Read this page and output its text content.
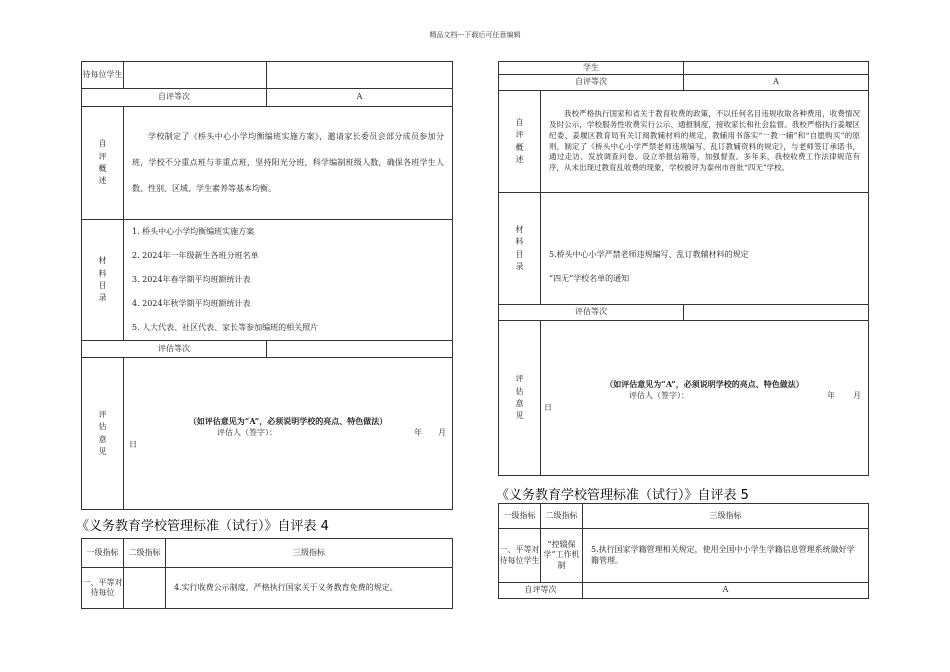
精品文档---下载后可任意编辑
待每位学生		
自评等次		A
自评概述	学校制定了《桥头中心小学均衡编班实施方案》，邀请家长委员会部分成员参加分班，学校不分重点班与非重点班，坚持阳光分班，科学编制班级人数，确保各班学生人数、性别、区域、学生素养等基本均衡。	
材料目录	1. 桥头中心小学均衡编班实施方案
2. 2024年一年级新生各班分班名单
3. 2024年春学期平均班额统计表
4. 2024年秋学期平均班额统计表
5. 人大代表、社区代表、家长等参加编班的相关照片	

评估等次		
评估意见	（如评估意见为“A”，必须说明学校的亮点、特色做法）
评估人（签字）： 年 月
日	
《义务教育学校管理标准（试行）》自评表 4
一级指标	二级指标	三级指标
一、平等对待每位		4.实行收费公示制度，严格执行国家关于义务教育免费的规定。
学生		
自评等次		A
自评概述	我校严格执行国家和省关于教育收费的政策，不以任何名目违规收取各种费用，收费情况及时公示，学校服务性收费实行公示、通报制度，接收家长和社会监督。我校严格执行姜堰区纪委、姜堰区教育局有关订阅教辅材料的规定，教辅用书落实“一教一辅”和“自愿购买”的原则，制定了《桥头中心小学严禁老师违规编写、乱订教辅资料的规定》，与老师签订承诺书，通过走访、发放调查问卷、设立举报信箱等，加强督查。多年来，我校收费工作法律规范有序，从未出现过教育乱收费的现象，学校被评为泰州市首批“四无”学校。	
材料目录	5.桥头中心小学严禁老师违规编写、乱订教辅材料的规定
“四无”学校名单的通知	

评估等次		
评估意见	（如评估意见为“A”，必须说明学校的亮点、特色做法）
评估人（签字）： 年 月
日	
《义务教育学校管理标准（试行）》自评表 5
一级指标	二级指标	三级指标
一、平等对待每位学生	“控辍保学”工作机制	5.执行国家学籍管理相关规定，使用全国中小学生学籍信息管理系统做好学籍管理。
自评等次		A
